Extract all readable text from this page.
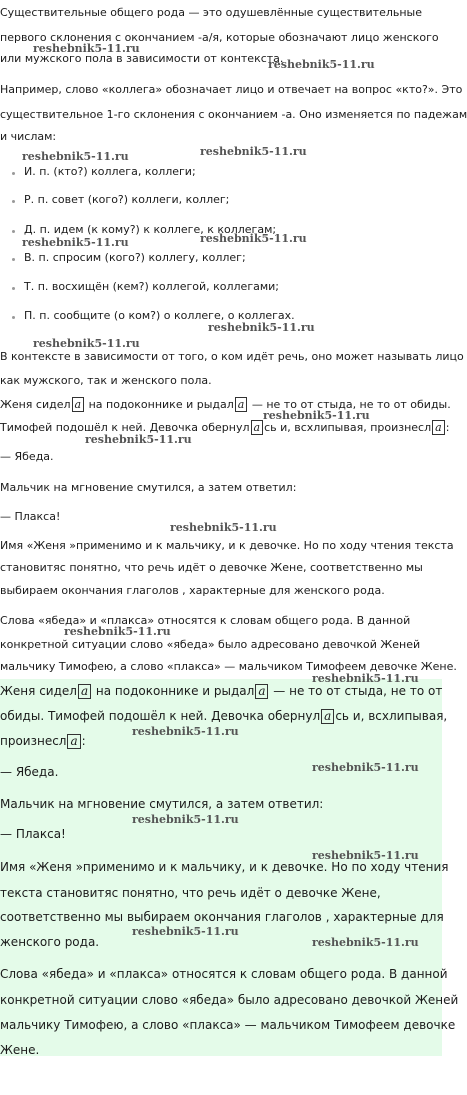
Существительные общего рода — это одушевлённые существительные
первого склонения с окончанием -а/я, которые обозначают лицо женского
или мужского пола в зависимости от контекста.
Например, слово «коллега» обозначает лицо и отвечает на вопрос «кто?». Это
существительное 1-го склонения с окончанием -а. Оно изменяется по падежам
и числам:
И. п. (кто?) коллега, коллеги;
Р. п. совет (кого?) коллеги, коллег;
Д. п. идем (к кому?) к коллеге, к коллегам;
В. п. спросим (кого?) коллегу, коллег;
Т. п. восхищён (кем?) коллегой, коллегами;
П. п. сообщите (о ком?) о коллеге, о коллегах.
В контексте в зависимости от того, о ком идёт речь, оно может называть лицо
как мужского, так и женского пола.
Женя сидел а на подоконнике и рыдал а — не то от стыда, не то от обиды.
Тимофей подошёл к ней. Девочка обернул а сь и, всхлипывая, произнесл а :
— Ябеда.
Мальчик на мгновение смутился, а затем ответил:
— Плакса!
Имя «Женя »применимо и к мальчику, и к девочке. Но по ходу чтения текста
становитяс понятно, что речь идёт о девочке Жене, соответственно мы
выбираем окончания глаголов , характерные для женского рода.
Слова «ябеда» и «плакса» относятся к словам общего рода. В данной
конкретной ситуации слово «ябеда» было адресовано девочкой Женей
мальчику Тимофею, а слово «плакса» — мальчиком Тимофеем девочке Жене.
Женя сидел а на подоконнике и рыдал а — не то от стыда, не то от
обиды. Тимофей подошёл к ней. Девочка обернул а сь и, всхлипывая,
произнесл а :
— Ябеда.
Мальчик на мгновение смутился, а затем ответил:
— Плакса!
Имя «Женя »применимо и к мальчику, и к девочке. Но по ходу чтения
текста становитяс понятно, что речь идёт о девочке Жене,
соответственно мы выбираем окончания глаголов , характерные для
женского рода.
Слова «ябеда» и «плакса» относятся к словам общего рода. В данной
конкретной ситуации слово «ябеда» было адресовано девочкой Женей
мальчику Тимофею, а слово «плакса» — мальчиком Тимофеем девочке
Жене.
reshebnik5-11.ru
reshebnik5-11.ru
reshebnik5-11.ru	reshebnik5-11.ru
reshebnik5-11.ru	reshebnik5-11.ru
reshebnik5-11.ru
reshebnik5-11.ru
reshebnik5-11.ru
reshebnik5-11.ru
reshebnik5-11.ru
reshebnik5-11.ru
reshebnik5-11.ru
reshebnik5-11.ru
reshebnik5-11.ru
reshebnik5-11.ru
reshebnik5-11.ru
reshebnik5-11.ru
reshebnik5-11.ru
